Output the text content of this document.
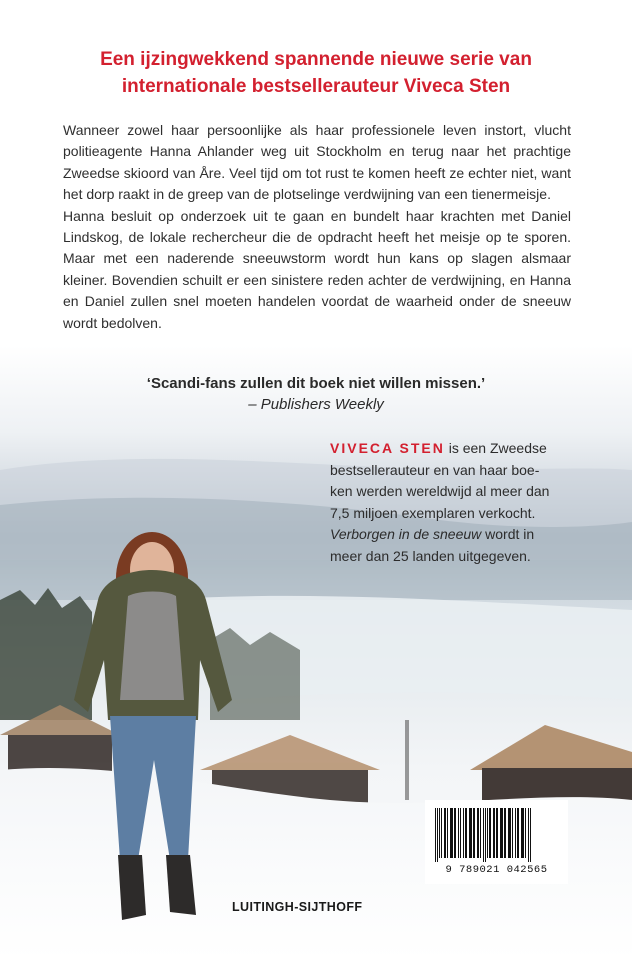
Een ijzingwekkend spannende nieuwe serie van
internationale bestsellerauteur Viveca Sten

Wanneer zowel haar persoonlijke als haar professionele leven instort, vlucht politieagente Hanna Ahlander weg uit Stockholm en terug naar het prachtige Zweedse skioord van Åre. Veel tijd om tot rust te komen heeft ze echter niet, want het dorp raakt in de greep van de plotselinge verdwijning van een tienermeisje.

Hanna besluit op onderzoek uit te gaan en bundelt haar krachten met Daniel Lindskog, de lokale rechercheur die de opdracht heeft het meisje op te sporen. Maar met een naderende sneeuwstorm wordt hun kans op slagen alsmaar kleiner. Bovendien schuilt er een sinistere reden achter de verdwijning, en Hanna en Daniel zullen snel moeten handelen voordat de waarheid onder de sneeuw wordt bedolven.

‘Scandi-fans zullen dit boek niet willen missen.’
– Publishers Weekly
VIVECA STEN is een Zweedse
bestsellerauteur en van haar boe-
ken werden wereldwijd al meer dan
7,5 miljoen exemplaren verkocht.
Verborgen in de sneeuw wordt in
meer dan 25 landen uitgegeven.
LUITINGH-SIJTHOFF
9 789021 042565
